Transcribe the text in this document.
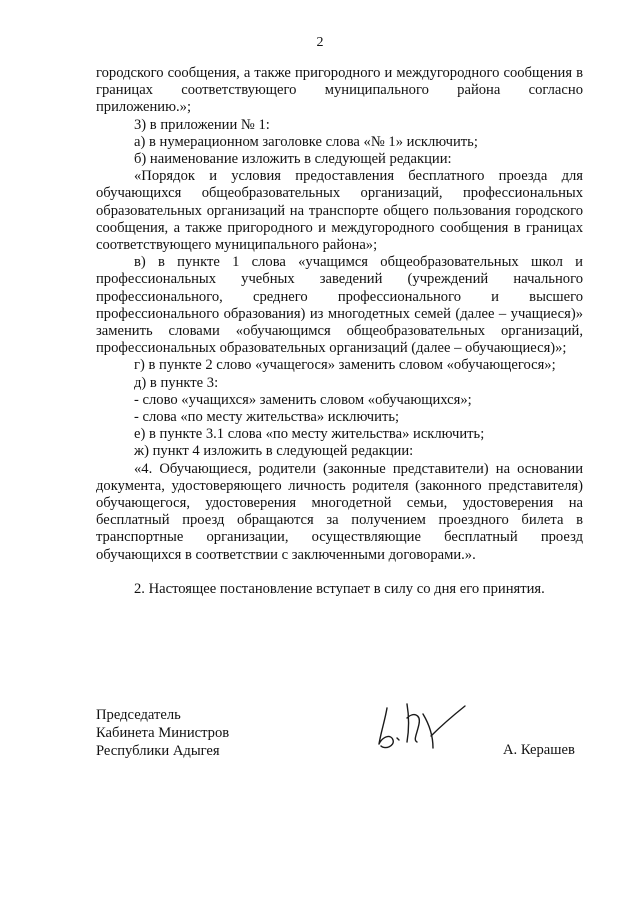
2

городского сообщения, а также пригородного и междугородного сообщения в границах соответствующего муниципального района согласно приложению.»;

3) в приложении № 1:

а) в нумерационном заголовке слова «№ 1» исключить;

б) наименование изложить в следующей редакции:

«Порядок и условия предоставления бесплатного проезда для обучающихся общеобразовательных организаций, профессиональных образовательных организаций на транспорте общего пользования городского сообщения, а также пригородного и междугородного сообщения в границах соответствующего муниципального района»;

в) в пункте 1 слова «учащимся общеобразовательных школ и профессиональных учебных заведений (учреждений начального профессионального, среднего профессионального и высшего профессионального образования) из многодетных семей (далее – учащиеся)» заменить словами «обучающимся общеобразовательных организаций, профессиональных образовательных организаций (далее – обучающиеся)»;

г) в пункте 2 слово «учащегося» заменить словом «обучающегося»;

д) в пункте 3:

- слово «учащихся» заменить словом «обучающихся»;

- слова «по месту жительства» исключить;

е) в пункте 3.1 слова «по месту жительства» исключить;

ж) пункт 4 изложить в следующей редакции:

«4. Обучающиеся, родители (законные представители) на основании документа, удостоверяющего личность родителя (законного представителя) обучающегося, удостоверения многодетной семьи, удостоверения на бесплатный проезд обращаются за получением проездного билета в транспортные организации, осуществляющие бесплатный проезд обучающихся в соответствии с заключенными договорами.».

2. Настоящее постановление вступает в силу со дня его принятия.

Председатель
Кабинета Министров
Республики Адыгея	А. Керашев
